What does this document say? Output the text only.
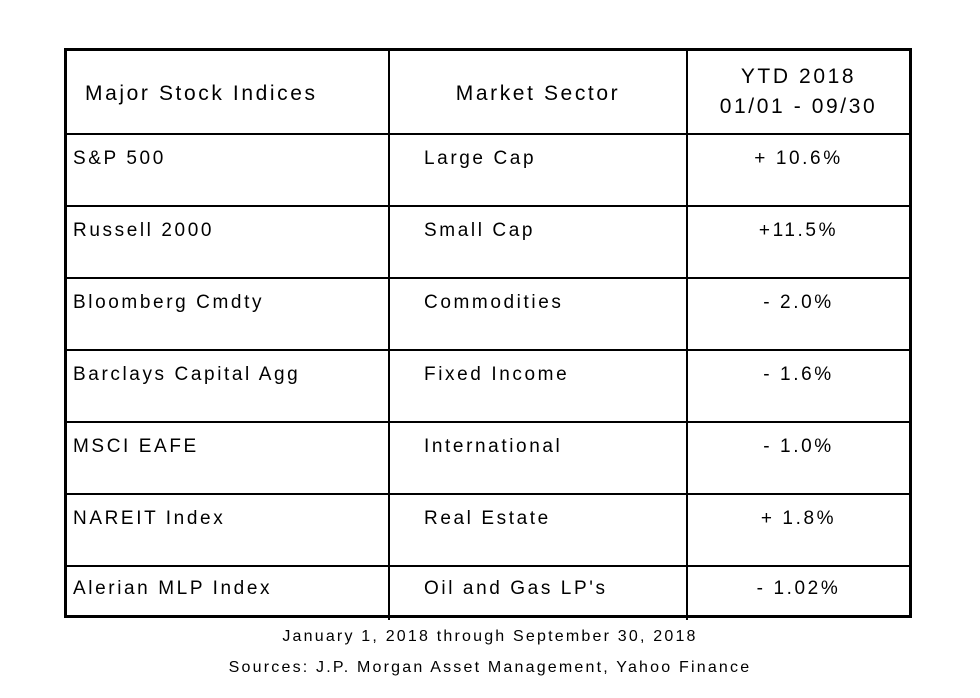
Major Stock Indices	Market Sector	YTD 2018
01/01 - 09/30

S&P 500	Large Cap	+ 10.6%
Russell 2000	Small Cap	+11.5%
Bloomberg Cmdty	Commodities	- 2.0%
Barclays Capital Agg	Fixed Income	- 1.6%
MSCI EAFE	International	- 1.0%
NAREIT Index	Real Estate	+ 1.8%
Alerian MLP Index	Oil and Gas LP's	- 1.02%
January 1, 2018 through September 30, 2018
Sources: J.P. Morgan Asset Management, Yahoo Finance
